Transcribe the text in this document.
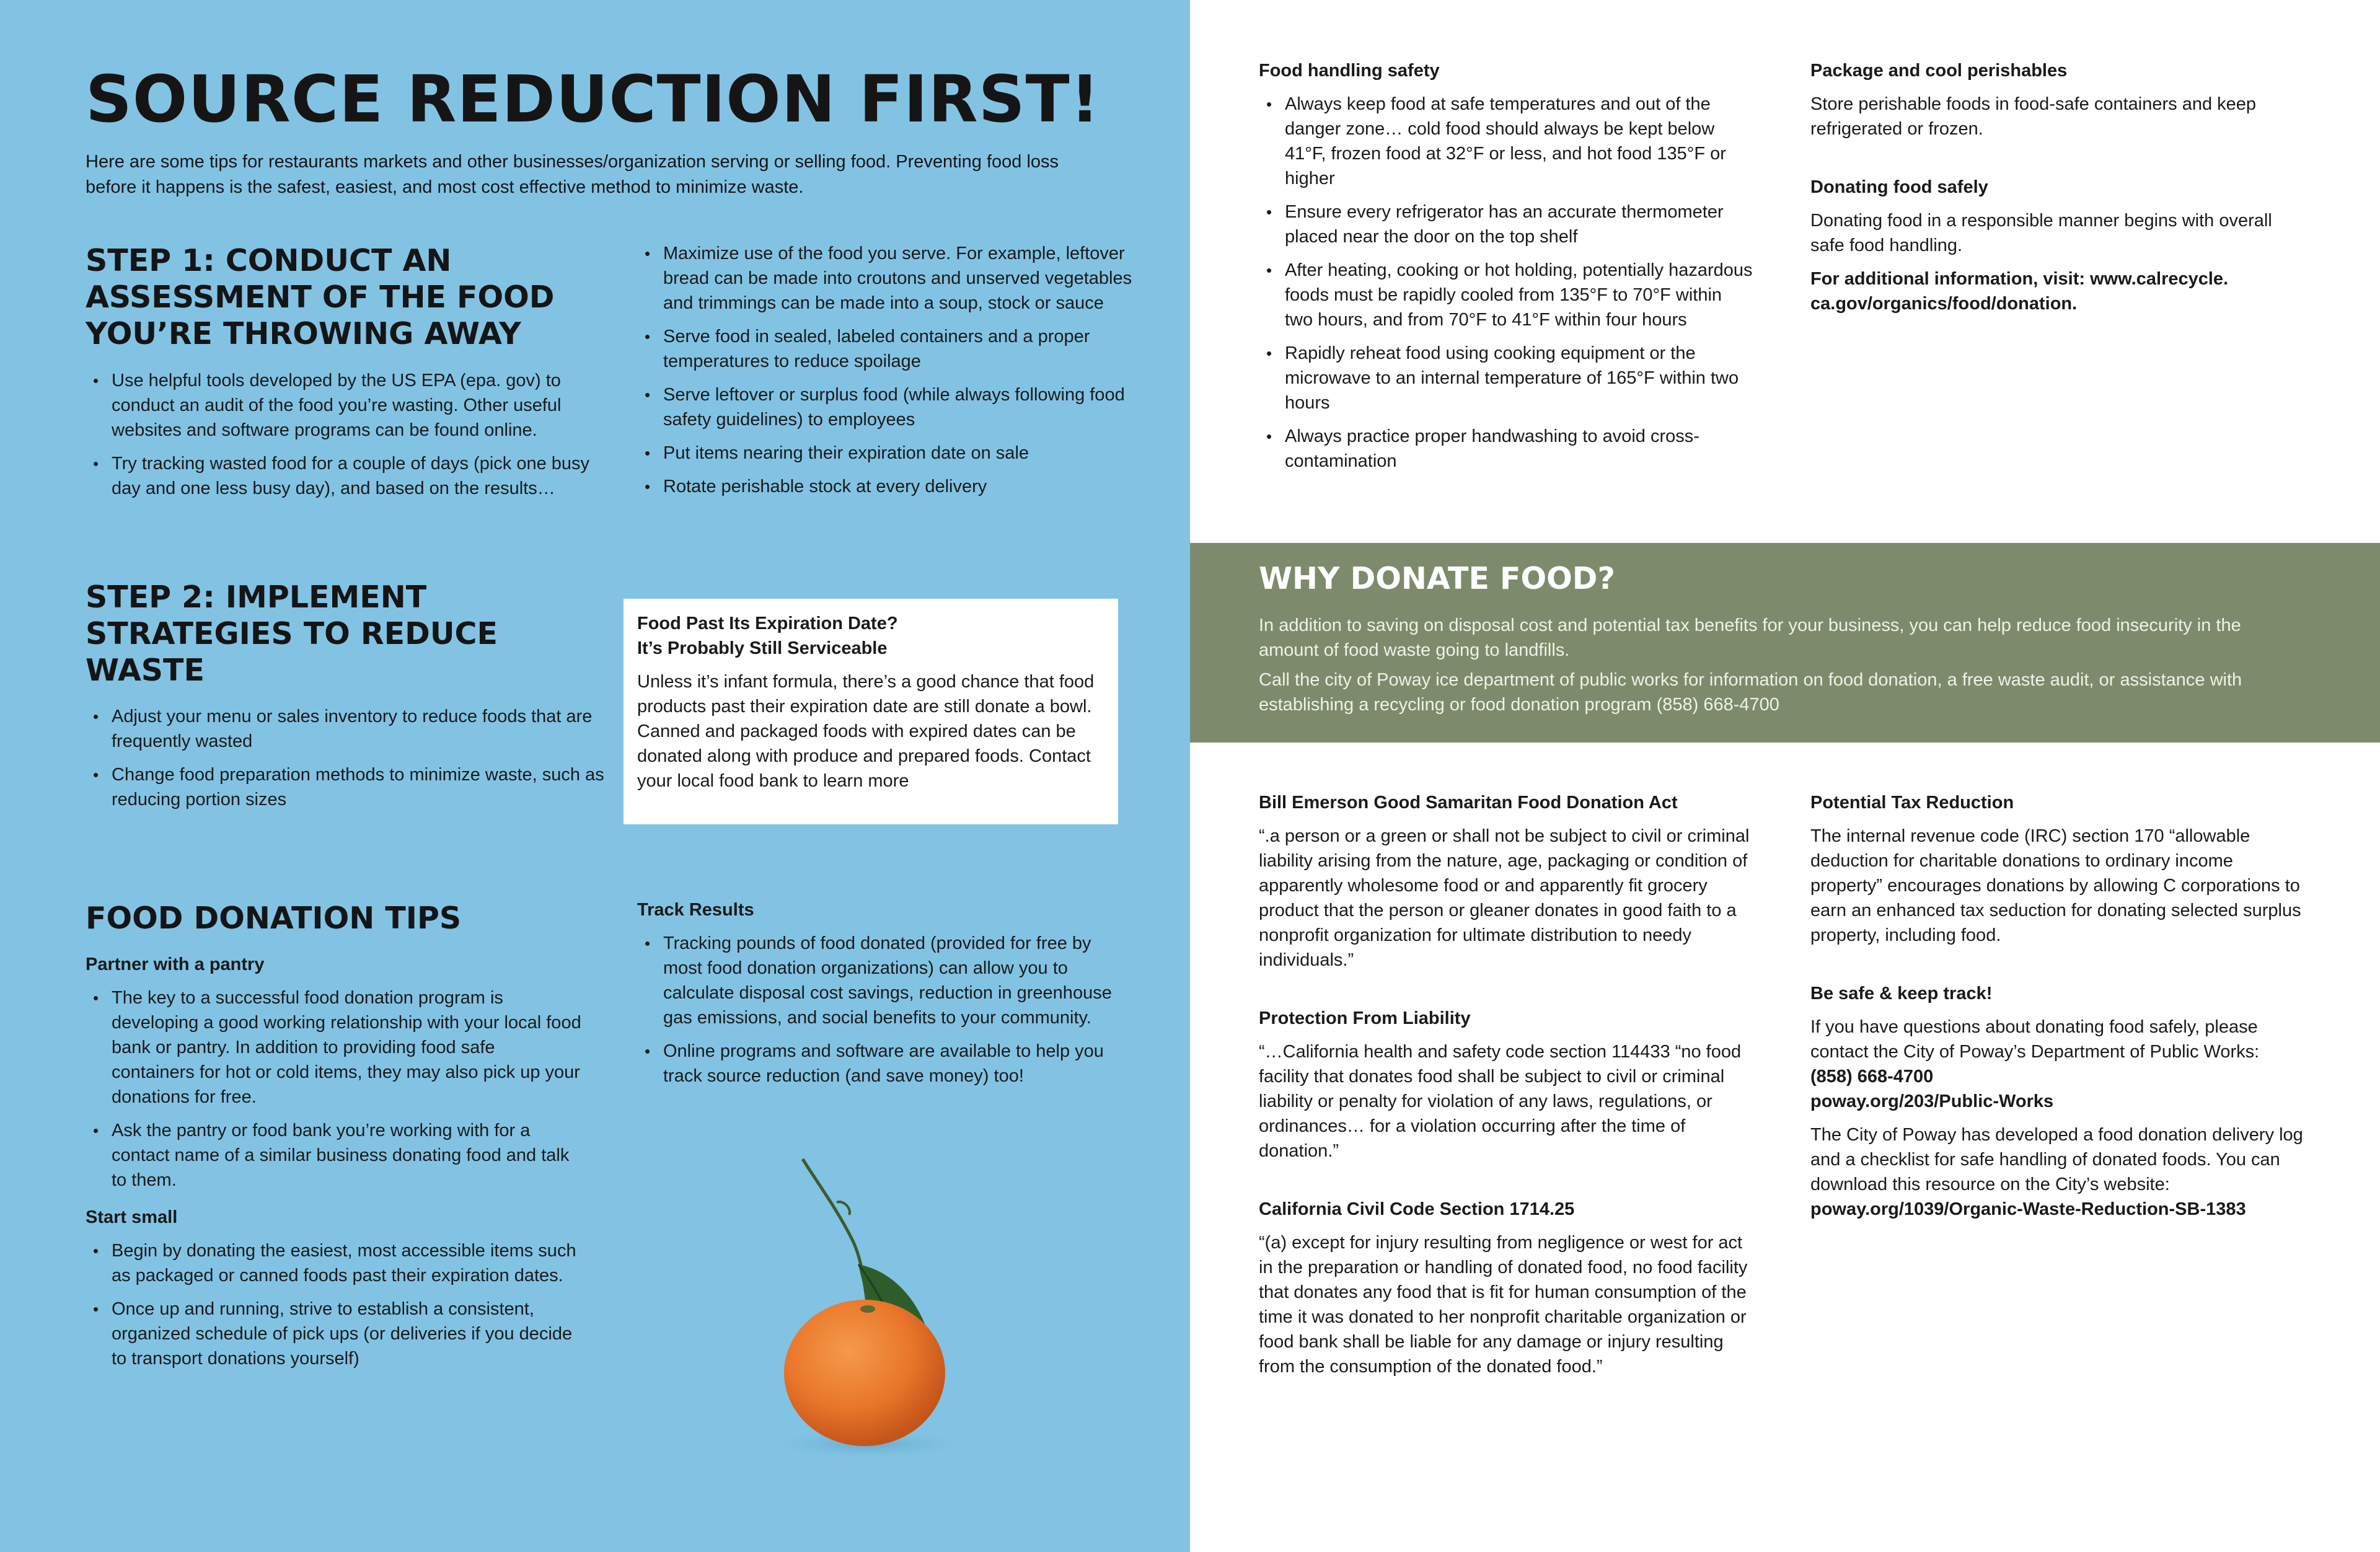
SOURCE REDUCTION FIRST!
Here are some tips for restaurants markets and other businesses/organization serving or selling food. Preventing food loss before it happens is the safest, easiest, and most cost effective method to minimize waste.
STEP 1: CONDUCT AN ASSESSMENT OF THE FOOD YOU’RE THROWING AWAY
• Use helpful tools developed by the US EPA (epa. gov) to conduct an audit of the food you’re wasting. Other useful websites and software programs can be found online.
• Try tracking wasted food for a couple of days (pick one busy day and one less busy day), and based on the results…
• Maximize use of the food you serve. For example, leftover bread can be made into croutons and unserved vegetables and trimmings can be made into a soup, stock or sauce
• Serve food in sealed, labeled containers and a proper temperatures to reduce spoilage
• Serve leftover or surplus food (while always following food safety guidelines) to employees
• Put items nearing their expiration date on sale
• Rotate perishable stock at every delivery
STEP 2: IMPLEMENT STRATEGIES TO REDUCE WASTE
• Adjust your menu or sales inventory to reduce foods that are frequently wasted
• Change food preparation methods to minimize waste, such as reducing portion sizes
Food Past Its Expiration Date?
It’s Probably Still Serviceable
Unless it’s infant formula, there’s a good chance that food products past their expiration date are still donate a bowl. Canned and packaged foods with expired dates can be donated along with produce and prepared foods. Contact your local food bank to learn more
FOOD DONATION TIPS
Partner with a pantry
• The key to a successful food donation program is developing a good working relationship with your local food bank or pantry. In addition to providing food safe containers for hot or cold items, they may also pick up your donations for free.
• Ask the pantry or food bank you’re working with for a contact name of a similar business donating food and talk to them.
Start small
• Begin by donating the easiest, most accessible items such as packaged or canned foods past their expiration dates.
• Once up and running, strive to establish a consistent, organized schedule of pick ups (or deliveries if you decide to transport donations yourself)
Track Results
• Tracking pounds of food donated (provided for free by most food donation organizations) can allow you to calculate disposal cost savings, reduction in greenhouse gas emissions, and social benefits to your community.
• Online programs and software are available to help you track source reduction (and save money) too!
Food handling safety
• Always keep food at safe temperatures and out of the danger zone… cold food should always be kept below 41°F, frozen food at 32°F or less, and hot food 135°F or higher
• Ensure every refrigerator has an accurate thermometer placed near the door on the top shelf
• After heating, cooking or hot holding, potentially hazardous foods must be rapidly cooled from 135°F to 70°F within two hours, and from 70°F to 41°F within four hours
• Rapidly reheat food using cooking equipment or the microwave to an internal temperature of 165°F within two hours
• Always practice proper handwashing to avoid cross-contamination
Package and cool perishables
Store perishable foods in food-safe containers and keep refrigerated or frozen.
Donating food safely
Donating food in a responsible manner begins with overall safe food handling.
For additional information, visit: www.calrecycle. ca.gov/organics/food/donation.
WHY DONATE FOOD?

In addition to saving on disposal cost and potential tax benefits for your business, you can help reduce food insecurity in the amount of food waste going to landfills.

Call the city of Poway ice department of public works for information on food donation, a free waste audit, or assistance with establishing a recycling or food donation program (858) 668-4700

Bill Emerson Good Samaritan Food Donation Act
“.a person or a green or shall not be subject to civil or criminal liability arising from the nature, age, packaging or condition of apparently wholesome food or and apparently fit grocery product that the person or gleaner donates in good faith to a nonprofit organization for ultimate distribution to needy individuals.”
Protection From Liability
“…California health and safety code section 114433 “no food facility that donates food shall be subject to civil or criminal liability or penalty for violation of any laws, regulations, or ordinances… for a violation occurring after the time of donation.”
California Civil Code Section 1714.25
“(a) except for injury resulting from negligence or west for act in the preparation or handling of donated food, no food facility that donates any food that is fit for human consumption of the time it was donated to her nonprofit charitable organization or food bank shall be liable for any damage or injury resulting from the consumption of the donated food.”
Potential Tax Reduction
The internal revenue code (IRC) section 170 “allowable deduction for charitable donations to ordinary income property” encourages donations by allowing C corporations to earn an enhanced tax seduction for donating selected surplus property, including food.
Be safe & keep track!
If you have questions about donating food safely, please contact the City of Poway’s Department of Public Works:
(858) 668-4700
poway.org/203/Public-Works
The City of Poway has developed a food donation delivery log and a checklist for safe handling of donated foods. You can download this resource on the City’s website:
poway.org/1039/Organic-Waste-Reduction-SB-1383
